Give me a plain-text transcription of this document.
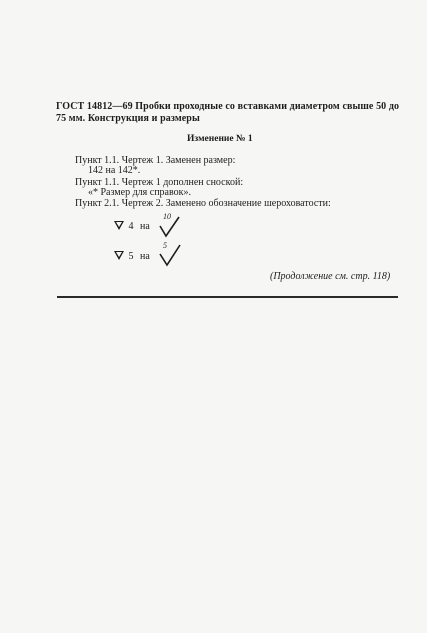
ГОСТ 14812—69 Пробки проходные со вставками диаметром свыше 50 до
75 мм. Конструкция и размеры
Изменение № 1
Пункт 1.1. Чертеж 1. Заменен размер:
142 на 142*.
Пункт 1.1. Чертеж 1 дополнен сноской:
«* Размер для справок».
Пункт 2.1. Чертеж 2. Заменено обозначение шероховатости:
4 на
10
5 на
5
(Продолжение см. стр. 118)
